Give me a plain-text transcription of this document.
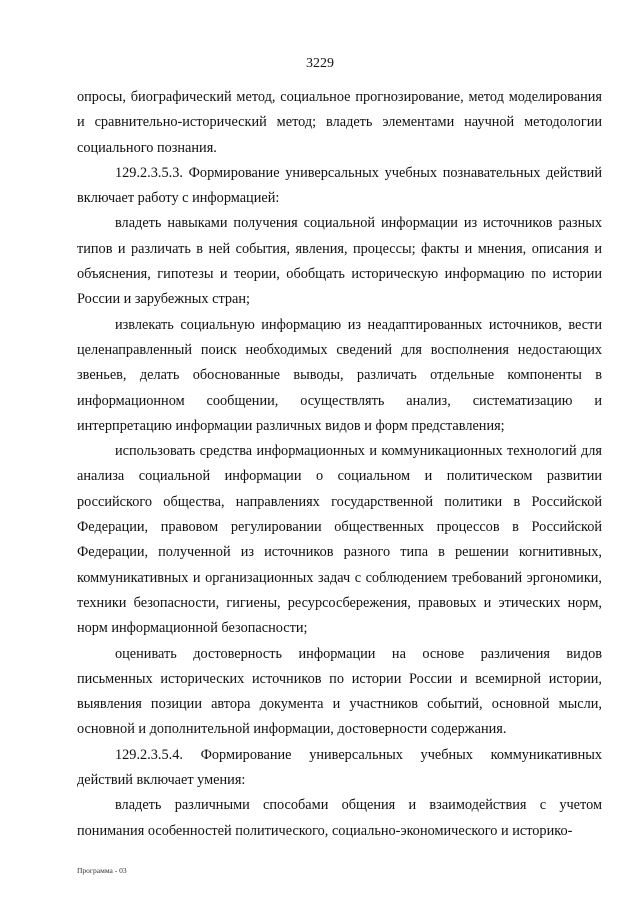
3229

опросы, биографический метод, социальное прогнозирование, метод моделирования и сравнительно-исторический метод; владеть элементами научной методологии социального познания.

129.2.3.5.3. Формирование универсальных учебных познавательных действий включает работу с информацией:

владеть навыками получения социальной информации из источников разных типов и различать в ней события, явления, процессы; факты и мнения, описания и объяснения, гипотезы и теории, обобщать историческую информацию по истории России и зарубежных стран;

извлекать социальную информацию из неадаптированных источников, вести целенаправленный поиск необходимых сведений для восполнения недостающих звеньев, делать обоснованные выводы, различать отдельные компоненты в информационном сообщении, осуществлять анализ, систематизацию и интерпретацию информации различных видов и форм представления;

использовать средства информационных и коммуникационных технологий для анализа социальной информации о социальном и политическом развитии российского общества, направлениях государственной политики в Российской Федерации, правовом регулировании общественных процессов в Российской Федерации, полученной из источников разного типа в решении когнитивных, коммуникативных и организационных задач с соблюдением требований эргономики, техники безопасности, гигиены, ресурсосбережения, правовых и этических норм, норм информационной безопасности;

оценивать достоверность информации на основе различения видов письменных исторических источников по истории России и всемирной истории, выявления позиции автора документа и участников событий, основной мысли, основной и дополнительной информации, достоверности содержания.

129.2.3.5.4. Формирование универсальных учебных коммуникативных действий включает умения:

владеть различными способами общения и взаимодействия с учетом понимания особенностей политического, социально-экономического и историко-

Программа - 03
